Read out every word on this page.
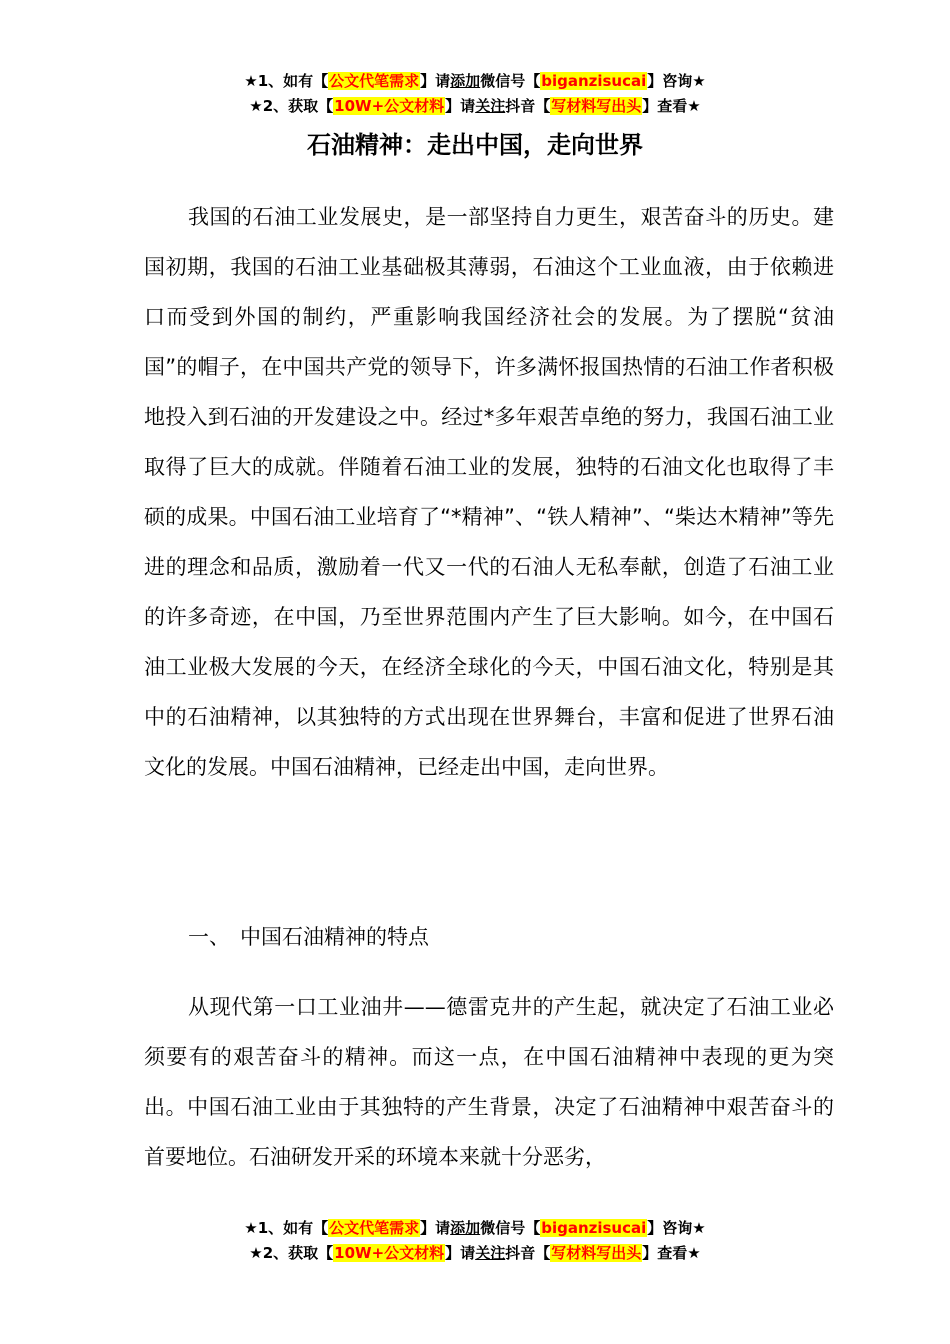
★1、如有【公文代笔需求】请添加微信号【biganzisucai】咨询★
★2、获取【10W+公文材料】请关注抖音【写材料写出头】查看★
石油精神：走出中国，走向世界

我国的石油工业发展史，是一部坚持自力更生，艰苦奋斗的历史。建国初期，我国的石油工业基础极其薄弱，石油这个工业血液，由于依赖进口而受到外国的制约，严重影响我国经济社会的发展。为了摆脱“贫油国”的帽子，在中国共产党的领导下，许多满怀报国热情的石油工作者积极地投入到石油的开发建设之中。经过*多年艰苦卓绝的努力，我国石油工业取得了巨大的成就。伴随着石油工业的发展，独特的石油文化也取得了丰硕的成果。中国石油工业培育了“*精神”、“铁人精神”、“柴达木精神”等先进的理念和品质，激励着一代又一代的石油人无私奉献，创造了石油工业的许多奇迹，在中国，乃至世界范围内产生了巨大影响。如今，在中国石油工业极大发展的今天，在经济全球化的今天，中国石油文化，特别是其中的石油精神，以其独特的方式出现在世界舞台，丰富和促进了世界石油文化的发展。中国石油精神，已经走出中国，走向世界。

一、 中国石油精神的特点

从现代第一口工业油井——德雷克井的产生起，就决定了石油工业必须要有的艰苦奋斗的精神。而这一点，在中国石油精神中表现的更为突出。中国石油工业由于其独特的产生背景，决定了石油精神中艰苦奋斗的首要地位。石油研发开采的环境本来就十分恶劣，

★1、如有【公文代笔需求】请添加微信号【biganzisucai】咨询★
★2、获取【10W+公文材料】请关注抖音【写材料写出头】查看★
